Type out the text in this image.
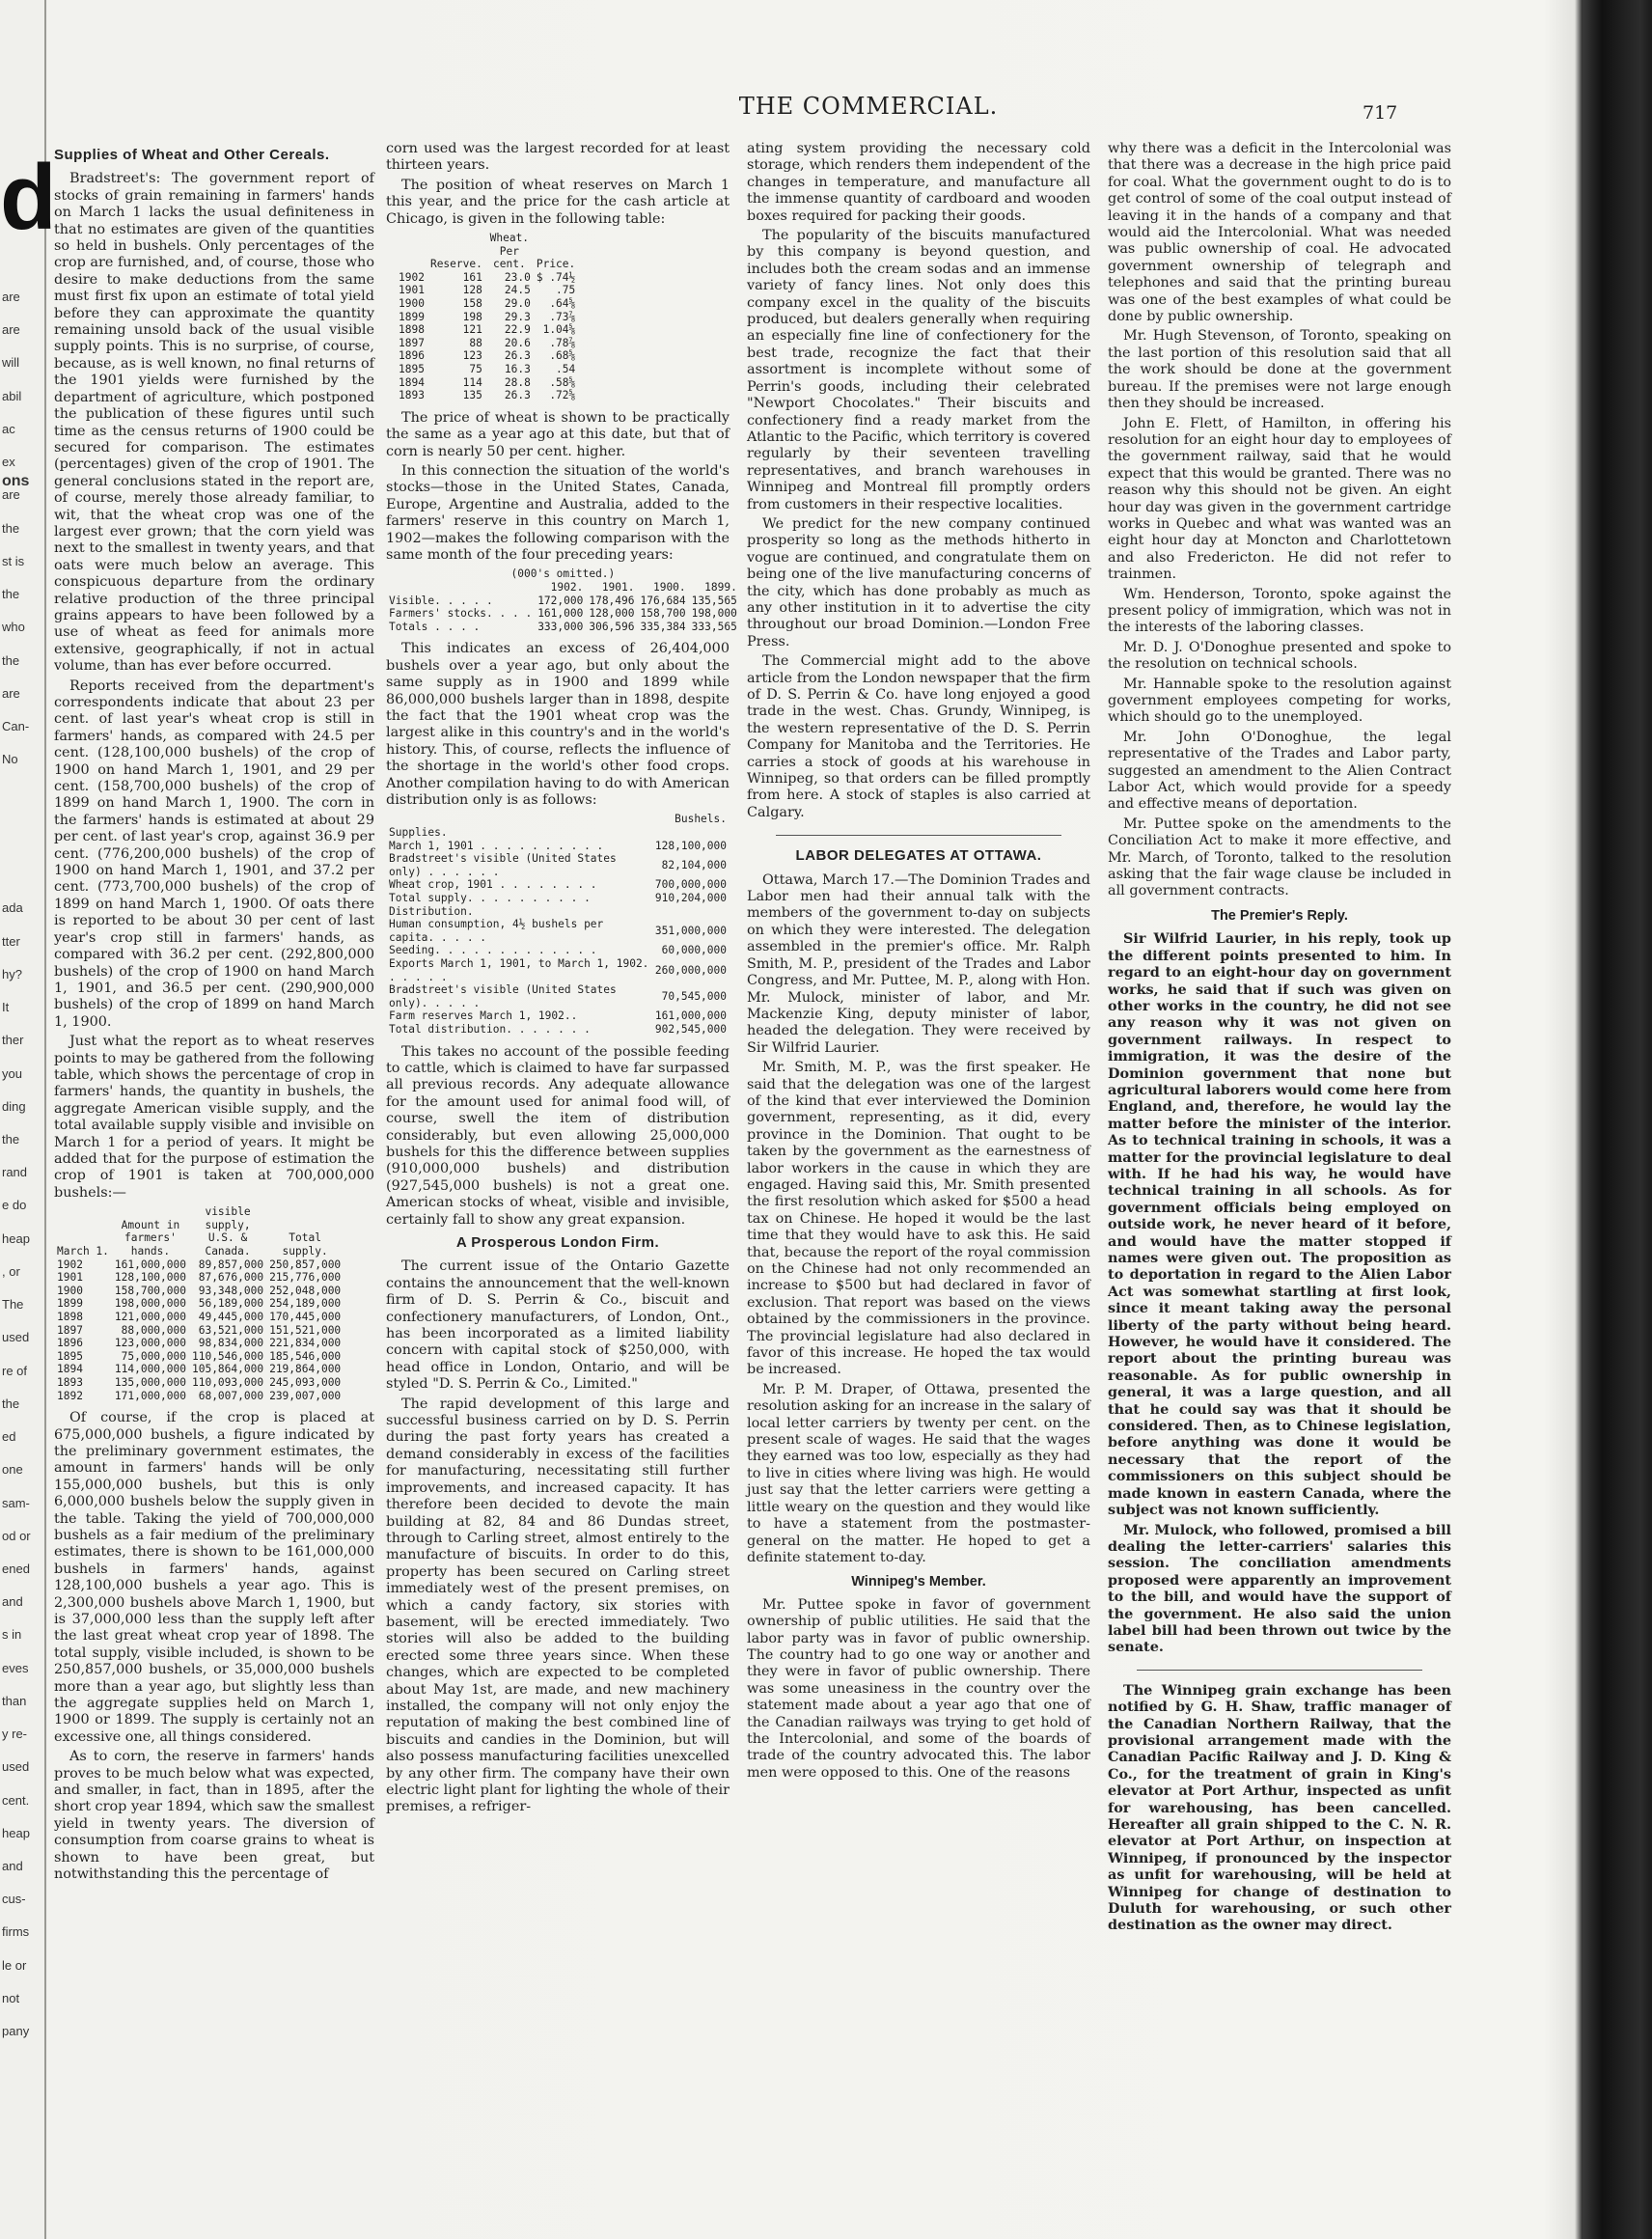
are
are
will
abil
ac
ex
are
the
st is
the
who
the
are
Can-
No
ada
tter
hy?
It
ther
you
ding
the
rand
e do
heap
, or
The
used
re of
the
ed
one
sam-
od or
ened
and
s in
eves
than
y re-
used
cent.
heap
and
cus-
firms
le or
not
pany
d
ons
THE COMMERCIAL.	717
Supplies of Wheat and Other Cereals.

Bradstreet's: The government report of stocks of grain remaining in farmers' hands on March 1 lacks the usual definiteness in that no estimates are given of the quantities so held in bushels. Only percentages of the crop are furnished, and, of course, those who desire to make deductions from the same must first fix upon an estimate of total yield before they can approximate the quantity remaining unsold back of the usual visible supply points. This is no surprise, of course, because, as is well known, no final returns of the 1901 yields were furnished by the department of agriculture, which postponed the publication of these figures until such time as the census returns of 1900 could be secured for comparison. The estimates (percentages) given of the crop of 1901. The general conclusions stated in the report are, of course, merely those already familiar, to wit, that the wheat crop was one of the largest ever grown; that the corn yield was next to the smallest in twenty years, and that oats were much below an average. This conspicuous departure from the ordinary relative production of the three principal grains appears to have been followed by a use of wheat as feed for animals more extensive, geographically, if not in actual volume, than has ever before occurred.

Reports received from the department's correspondents indicate that about 23 per cent. of last year's wheat crop is still in farmers' hands, as compared with 24.5 per cent. (128,100,000 bushels) of the crop of 1900 on hand March 1, 1901, and 29 per cent. (158,700,000 bushels) of the crop of 1899 on hand March 1, 1900. The corn in the farmers' hands is estimated at about 29 per cent. of last year's crop, against 36.9 per cent. (776,200,000 bushels) of the crop of 1900 on hand March 1, 1901, and 37.2 per cent. (773,700,000 bushels) of the crop of 1899 on hand March 1, 1900. Of oats there is reported to be about 30 per cent of last year's crop still in farmers' hands, as compared with 36.2 per cent. (292,800,000 bushels) of the crop of 1900 on hand March 1, 1901, and 36.5 per cent. (290,900,000 bushels) of the crop of 1899 on hand March 1, 1900.

Just what the report as to wheat reserves points to may be gathered from the following table, which shows the percentage of crop in farmers' hands, the quantity in bushels, the aggregate American visible supply, and the total available supply visible and invisible on March 1 for a period of years. It might be added that for the purpose of estimation the crop of 1901 is taken at 700,000,000 bushels:—

March 1.	Amount in farmers' hands.	visible supply, U.S. & Canada.	Total supply.
1902	161,000,000	89,857,000	250,857,000
1901	128,100,000	87,676,000	215,776,000
1900	158,700,000	93,348,000	252,048,000
1899	198,000,000	56,189,000	254,189,000
1898	121,000,000	49,445,000	170,445,000
1897	88,000,000	63,521,000	151,521,000
1896	123,000,000	98,834,000	221,834,000
1895	75,000,000	110,546,000	185,546,000
1894	114,000,000	105,864,000	219,864,000
1893	135,000,000	110,093,000	245,093,000
1892	171,000,000	68,007,000	239,007,000

Of course, if the crop is placed at 675,000,000 bushels, a figure indicated by the preliminary government estimates, the amount in farmers' hands will be only 155,000,000 bushels, but this is only 6,000,000 bushels below the supply given in the table. Taking the yield of 700,000,000 bushels as a fair medium of the preliminary estimates, there is shown to be 161,000,000 bushels in farmers' hands, against 128,100,000 bushels a year ago. This is 2,300,000 bushels above March 1, 1900, but is 37,000,000 less than the supply left after the last great wheat crop year of 1898. The total supply, visible included, is shown to be 250,857,000 bushels, or 35,000,000 bushels more than a year ago, but slightly less than the aggregate supplies held on March 1, 1900 or 1899. The supply is certainly not an excessive one, all things considered.

As to corn, the reserve in farmers' hands proves to be much below what was expected, and smaller, in fact, than in 1895, after the short crop year 1894, which saw the smallest yield in twenty years. The diversion of consumption from coarse grains to wheat is shown to have been great, but notwithstanding this the percentage of

corn used was the largest recorded for at least thirteen years.

The position of wheat reserves on March 1 this year, and the price for the cash article at Chicago, is given in the following table:

	Reserve.	Wheat. Per cent.	Price.
1902	161	23.0	$ .74½
1901	128	24.5	.75
1900	158	29.0	.64⅝
1899	198	29.3	.73⅞
1898	121	22.9	1.04⅝
1897	88	20.6	.78⅞
1896	123	26.3	.68⅝
1895	75	16.3	.54
1894	114	28.8	.58⅝
1893	135	26.3	.72⅝

The price of wheat is shown to be practically the same as a year ago at this date, but that of corn is nearly 50 per cent. higher.

In this connection the situation of the world's stocks—those in the United States, Canada, Europe, Argentine and Australia, added to the farmers' reserve in this country on March 1, 1902—makes the following comparison with the same month of the four preceding years:

(000's omitted.)				
	1902.	1901.	1900.	1899.
Visible. . . . .	172,000	178,496	176,684	135,565
Farmers' stocks. . . .	161,000	128,000	158,700	198,000
Totals . . . .	333,000	306,596	335,384	333,565

This indicates an excess of 26,404,000 bushels over a year ago, but only about the same supply as in 1900 and 1899 while 86,000,000 bushels larger than in 1898, despite the fact that the 1901 wheat crop was the largest alike in this country's and in the world's history. This, of course, reflects the influence of the shortage in the world's other food crops. Another compilation having to do with American distribution only is as follows:

	Bushels.
Supplies.	
March 1, 1901 . . . . . . . . . .	128,100,000
Bradstreet's visible (United States only) . . . . . .	82,104,000
Wheat crop, 1901 . . . . . . . .	700,000,000
Total supply. . . . . . . . . .	910,204,000
Distribution.	
Human consumption, 4½ bushels per capita. . . . .	351,000,000
Seeding. . . . . . . . . . . . .	60,000,000
Exports March 1, 1901, to March 1, 1902. . . . . .	260,000,000
Bradstreet's visible (United States only). . . . .	70,545,000
Farm reserves March 1, 1902..	161,000,000
Total distribution. . . . . . .	902,545,000

This takes no account of the possible feeding to cattle, which is claimed to have far surpassed all previous records. Any adequate allowance for the amount used for animal food will, of course, swell the item of distribution considerably, but even allowing 25,000,000 bushels for this the difference between supplies (910,000,000 bushels) and distribution (927,545,000 bushels) is not a great one. American stocks of wheat, visible and invisible, certainly fall to show any great expansion.

A Prosperous London Firm.

The current issue of the Ontario Gazette contains the announcement that the well-known firm of D. S. Perrin & Co., biscuit and confectionery manufacturers, of London, Ont., has been incorporated as a limited liability concern with capital stock of $250,000, with head office in London, Ontario, and will be styled "D. S. Perrin & Co., Limited."

The rapid development of this large and successful business carried on by D. S. Perrin during the past forty years has created a demand considerably in excess of the facilities for manufacturing, necessitating still further improvements, and increased capacity. It has therefore been decided to devote the main building at 82, 84 and 86 Dundas street, through to Carling street, almost entirely to the manufacture of biscuits. In order to do this, property has been secured on Carling street immediately west of the present premises, on which a candy factory, six stories with basement, will be erected immediately. Two stories will also be added to the building erected some three years since. When these changes, which are expected to be completed about May 1st, are made, and new machinery installed, the company will not only enjoy the reputation of making the best combined line of biscuits and candies in the Dominion, but will also possess manufacturing facilities unexcelled by any other firm. The company have their own electric light plant for lighting the whole of their premises, a refriger-

ating system providing the necessary cold storage, which renders them independent of the changes in temperature, and manufacture all the immense quantity of cardboard and wooden boxes required for packing their goods.

The popularity of the biscuits manufactured by this company is beyond question, and includes both the cream sodas and an immense variety of fancy lines. Not only does this company excel in the quality of the biscuits produced, but dealers generally when requiring an especially fine line of confectionery for the best trade, recognize the fact that their assortment is incomplete without some of Perrin's goods, including their celebrated "Newport Chocolates." Their biscuits and confectionery find a ready market from the Atlantic to the Pacific, which territory is covered regularly by their seventeen travelling representatives, and branch warehouses in Winnipeg and Montreal fill promptly orders from customers in their respective localities.

We predict for the new company continued prosperity so long as the methods hitherto in vogue are continued, and congratulate them on being one of the live manufacturing concerns of the city, which has done probably as much as any other institution in it to advertise the city throughout our broad Dominion.—London Free Press.

The Commercial might add to the above article from the London newspaper that the firm of D. S. Perrin & Co. have long enjoyed a good trade in the west. Chas. Grundy, Winnipeg, is the western representative of the D. S. Perrin Company for Manitoba and the Territories. He carries a stock of goods at his warehouse in Winnipeg, so that orders can be filled promptly from here. A stock of staples is also carried at Calgary.

LABOR DELEGATES AT OTTAWA.

Ottawa, March 17.—The Dominion Trades and Labor men had their annual talk with the members of the government to-day on subjects on which they were interested. The delegation assembled in the premier's office. Mr. Ralph Smith, M. P., president of the Trades and Labor Congress, and Mr. Puttee, M. P., along with Hon. Mr. Mulock, minister of labor, and Mr. Mackenzie King, deputy minister of labor, headed the delegation. They were received by Sir Wilfrid Laurier.

Mr. Smith, M. P., was the first speaker. He said that the delegation was one of the largest of the kind that ever interviewed the Dominion government, representing, as it did, every province in the Dominion. That ought to be taken by the government as the earnestness of labor workers in the cause in which they are engaged. Having said this, Mr. Smith presented the first resolution which asked for $500 a head tax on Chinese. He hoped it would be the last time that they would have to ask this. He said that, because the report of the royal commission on the Chinese had not only recommended an increase to $500 but had declared in favor of exclusion. That report was based on the views obtained by the commissioners in the province. The provincial legislature had also declared in favor of this increase. He hoped the tax would be increased.

Mr. P. M. Draper, of Ottawa, presented the resolution asking for an increase in the salary of local letter carriers by twenty per cent. on the present scale of wages. He said that the wages they earned was too low, especially as they had to live in cities where living was high. He would just say that the letter carriers were getting a little weary on the question and they would like to have a statement from the postmaster-general on the matter. He hoped to get a definite statement to-day.

Winnipeg's Member.

Mr. Puttee spoke in favor of government ownership of public utilities. He said that the labor party was in favor of public ownership. The country had to go one way or another and they were in favor of public ownership. There was some uneasiness in the country over the statement made about a year ago that one of the Canadian railways was trying to get hold of the Intercolonial, and some of the boards of trade of the country advocated this. The labor men were opposed to this. One of the reasons

why there was a deficit in the Intercolonial was that there was a decrease in the high price paid for coal. What the government ought to do is to get control of some of the coal output instead of leaving it in the hands of a company and that would aid the Intercolonial. What was needed was public ownership of coal. He advocated government ownership of telegraph and telephones and said that the printing bureau was one of the best examples of what could be done by public ownership.

Mr. Hugh Stevenson, of Toronto, speaking on the last portion of this resolution said that all the work should be done at the government bureau. If the premises were not large enough then they should be increased.

John E. Flett, of Hamilton, in offering his resolution for an eight hour day to employees of the government railway, said that he would expect that this would be granted. There was no reason why this should not be given. An eight hour day was given in the government cartridge works in Quebec and what was wanted was an eight hour day at Moncton and Charlottetown and also Fredericton. He did not refer to trainmen.

Wm. Henderson, Toronto, spoke against the present policy of immigration, which was not in the interests of the laboring classes.

Mr. D. J. O'Donoghue presented and spoke to the resolution on technical schools.

Mr. Hannable spoke to the resolution against government employees competing for works, which should go to the unemployed.

Mr. John O'Donoghue, the legal representative of the Trades and Labor party, suggested an amendment to the Alien Contract Labor Act, which would provide for a speedy and effective means of deportation.

Mr. Puttee spoke on the amendments to the Conciliation Act to make it more effective, and Mr. March, of Toronto, talked to the resolution asking that the fair wage clause be included in all government contracts.

The Premier's Reply.

Sir Wilfrid Laurier, in his reply, took up the different points presented to him. In regard to an eight-hour day on government works, he said that if such was given on other works in the country, he did not see any reason why it was not given on government railways. In respect to immigration, it was the desire of the Dominion government that none but agricultural laborers would come here from England, and, therefore, he would lay the matter before the minister of the interior. As to technical training in schools, it was a matter for the provincial legislature to deal with. If he had his way, he would have technical training in all schools. As for government officials being employed on outside work, he never heard of it before, and would have the matter stopped if names were given out. The proposition as to deportation in regard to the Alien Labor Act was somewhat startling at first look, since it meant taking away the personal liberty of the party without being heard. However, he would have it considered. The report about the printing bureau was reasonable. As for public ownership in general, it was a large question, and all that he could say was that it should be considered. Then, as to Chinese legislation, before anything was done it would be necessary that the report of the commissioners on this subject should be made known in eastern Canada, where the subject was not known sufficiently.

Mr. Mulock, who followed, promised a bill dealing the letter-carriers' salaries this session. The conciliation amendments proposed were apparently an improvement to the bill, and would have the support of the government. He also said the union label bill had been thrown out twice by the senate.

The Winnipeg grain exchange has been notified by G. H. Shaw, traffic manager of the Canadian Northern Railway, that the provisional arrangement made with the Canadian Pacific Railway and J. D. King & Co., for the treatment of grain in King's elevator at Port Arthur, inspected as unfit for warehousing, has been cancelled. Hereafter all grain shipped to the C. N. R. elevator at Port Arthur, on inspection at Winnipeg, if pronounced by the inspector as unfit for warehousing, will be held at Winnipeg for change of destination to Duluth for warehousing, or such other destination as the owner may direct.
